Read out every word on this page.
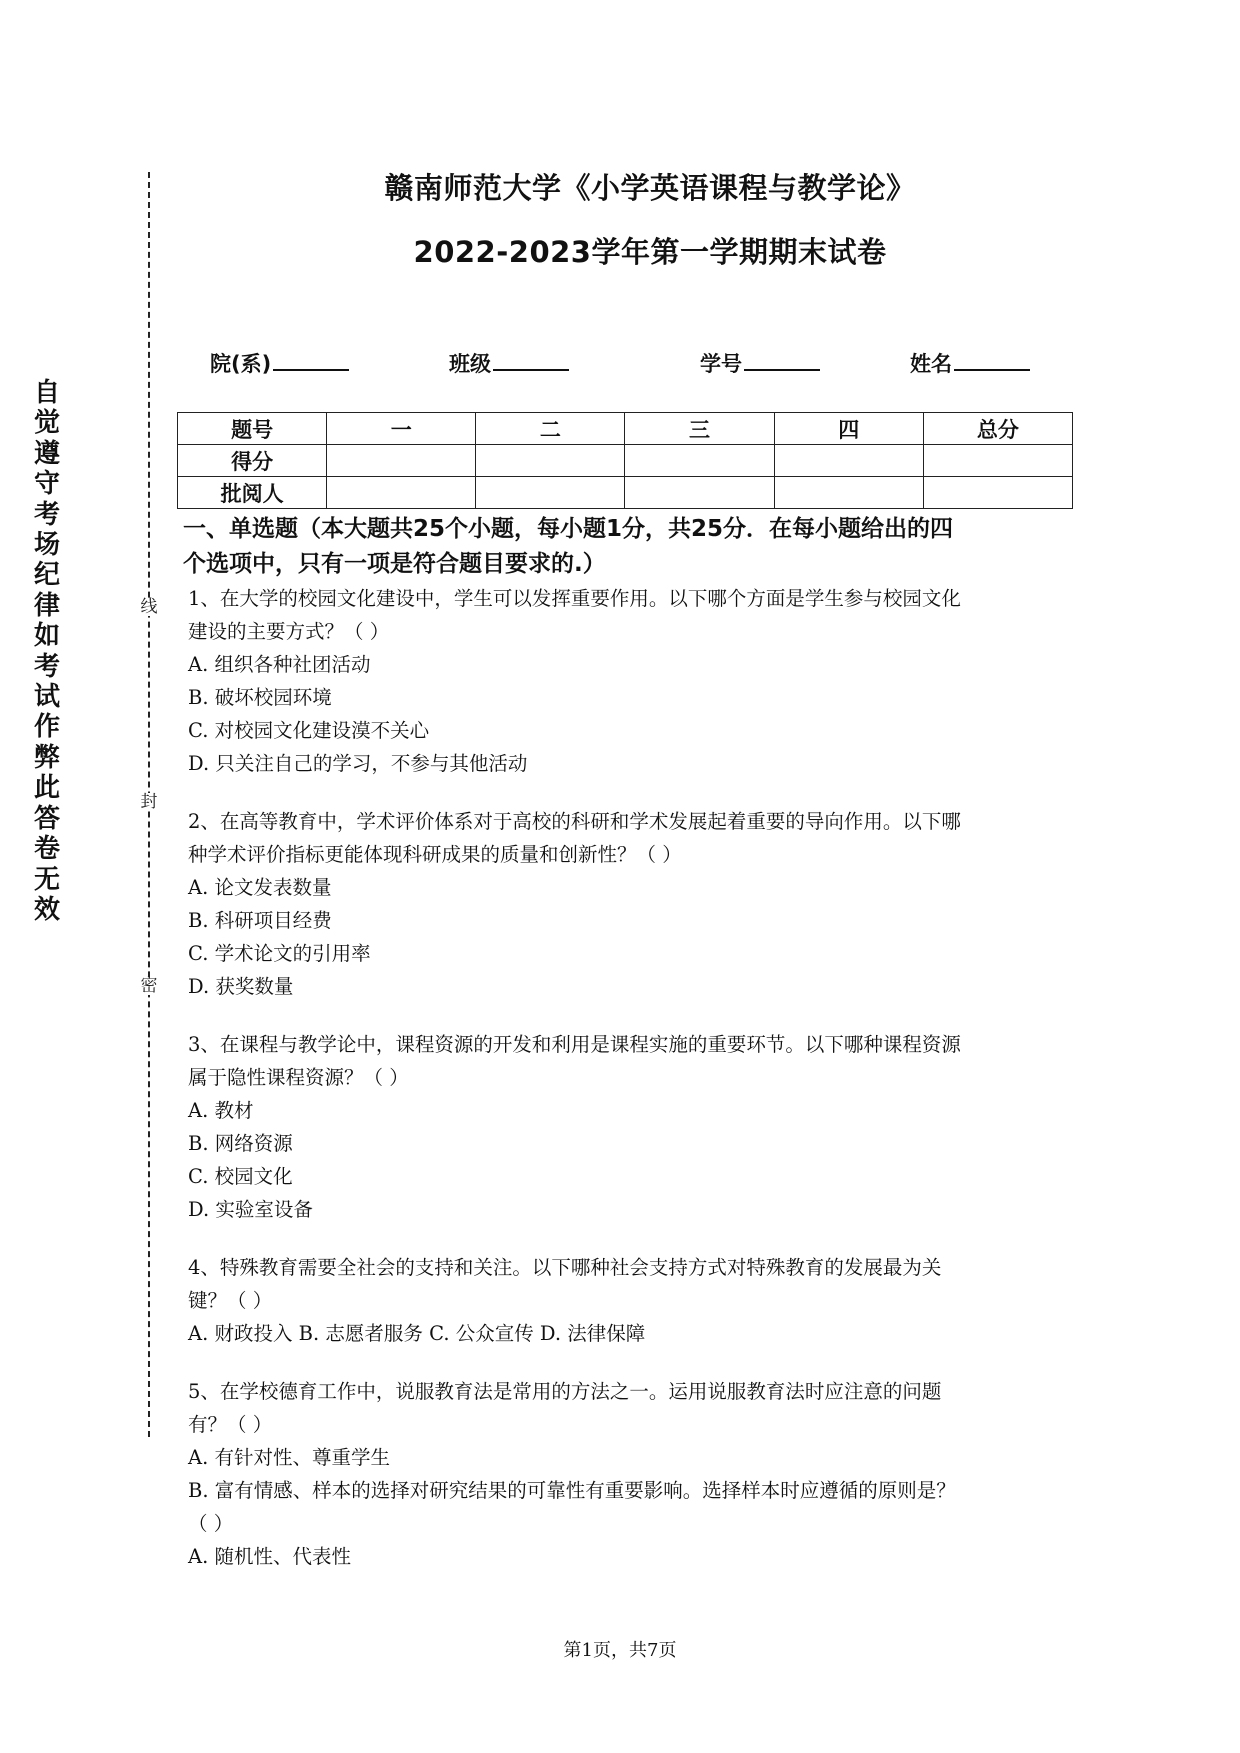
自觉遵守考场纪律如考试作弊此答卷无效
线
封
密
赣南师范大学《小学英语课程与教学论》
2022-2023学年第一学期期末试卷
院(系)	班级	学号	姓名
题号	一	二	三	四	总分
得分					
批阅人					

一、单选题（本大题共25个小题，每小题1分，共25分．在每小题给出的四

个选项中，只有一项是符合题目要求的.）

1、在大学的校园文化建设中，学生可以发挥重要作用。以下哪个方面是学生参与校园文化

建设的主要方式？（ ）

A. 组织各种社团活动

B. 破坏校园环境

C. 对校园文化建设漠不关心

D. 只关注自己的学习，不参与其他活动

2、在高等教育中，学术评价体系对于高校的科研和学术发展起着重要的导向作用。以下哪

种学术评价指标更能体现科研成果的质量和创新性？（ ）

A. 论文发表数量

B. 科研项目经费

C. 学术论文的引用率

D. 获奖数量

3、在课程与教学论中，课程资源的开发和利用是课程实施的重要环节。以下哪种课程资源

属于隐性课程资源？（ ）

A. 教材

B. 网络资源

C. 校园文化

D. 实验室设备

4、特殊教育需要全社会的支持和关注。以下哪种社会支持方式对特殊教育的发展最为关

键？（ ）

A. 财政投入 B. 志愿者服务 C. 公众宣传 D. 法律保障

5、在学校德育工作中，说服教育法是常用的方法之一。运用说服教育法时应注意的问题

有？（ ）

A. 有针对性、尊重学生

B. 富有情感、样本的选择对研究结果的可靠性有重要影响。选择样本时应遵循的原则是？

（ ）

A. 随机性、代表性

第1页，共7页
